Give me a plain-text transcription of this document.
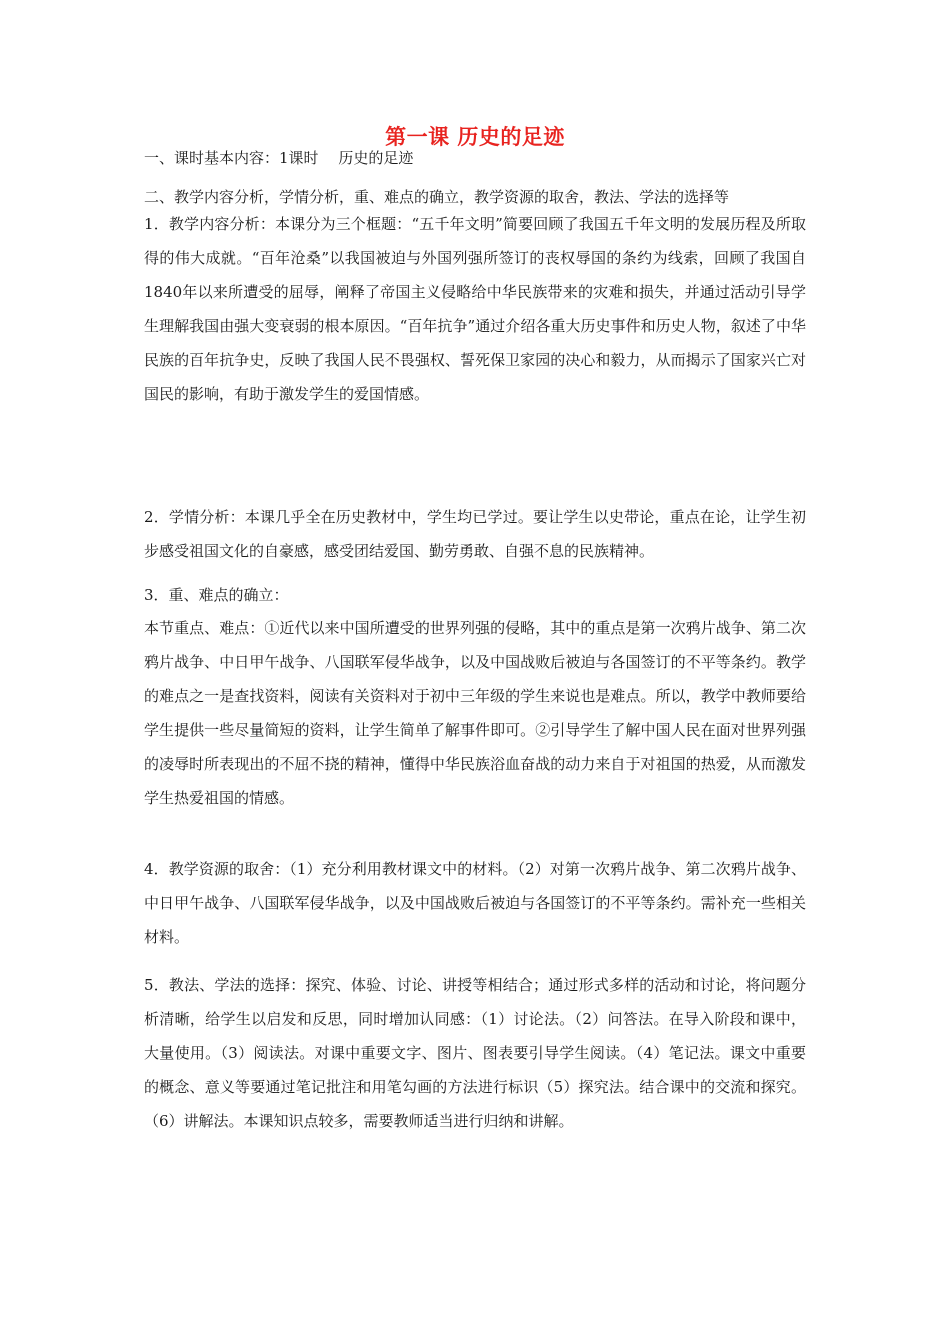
第一课 历史的足迹
一、课时基本内容：1课时　 历史的足迹
二、教学内容分析，学情分析，重、难点的确立，教学资源的取舍，教法、学法的选择等
1．教学内容分析：本课分为三个框题：“五千年文明”简要回顾了我国五千年文明的发展历程及所取得的伟大成就。“百年沧桑”以我国被迫与外国列强所签订的丧权辱国的条约为线索，回顾了我国自1840年以来所遭受的屈辱，阐释了帝国主义侵略给中华民族带来的灾难和损失，并通过活动引导学生理解我国由强大变衰弱的根本原因。“百年抗争”通过介绍各重大历史事件和历史人物，叙述了中华民族的百年抗争史，反映了我国人民不畏强权、誓死保卫家园的决心和毅力，从而揭示了国家兴亡对国民的影响，有助于激发学生的爱国情感。
2．学情分析：本课几乎全在历史教材中，学生均已学过。要让学生以史带论，重点在论，让学生初步感受祖国文化的自豪感，感受团结爱国、勤劳勇敢、自强不息的民族精神。
3．重、难点的确立：
本节重点、难点：①近代以来中国所遭受的世界列强的侵略，其中的重点是第一次鸦片战争、第二次鸦片战争、中日甲午战争、八国联军侵华战争，以及中国战败后被迫与各国签订的不平等条约。教学的难点之一是查找资料，阅读有关资料对于初中三年级的学生来说也是难点。所以，教学中教师要给学生提供一些尽量简短的资料，让学生简单了解事件即可。②引导学生了解中国人民在面对世界列强的凌辱时所表现出的不屈不挠的精神，懂得中华民族浴血奋战的动力来自于对祖国的热爱，从而激发学生热爱祖国的情感。
4．教学资源的取舍：（1）充分利用教材课文中的材料。（2）对第一次鸦片战争、第二次鸦片战争、中日甲午战争、八国联军侵华战争，以及中国战败后被迫与各国签订的不平等条约。需补充一些相关材料。
5．教法、学法的选择：探究、体验、讨论、讲授等相结合；通过形式多样的活动和讨论，将问题分析清晰，给学生以启发和反思，同时增加认同感：（1）讨论法。（2）问答法。在导入阶段和课中，大量使用。（3）阅读法。对课中重要文字、图片、图表要引导学生阅读。（4）笔记法。课文中重要的概念、意义等要通过笔记批注和用笔勾画的方法进行标识（5）探究法。结合课中的交流和探究。（6）讲解法。本课知识点较多，需要教师适当进行归纳和讲解。
